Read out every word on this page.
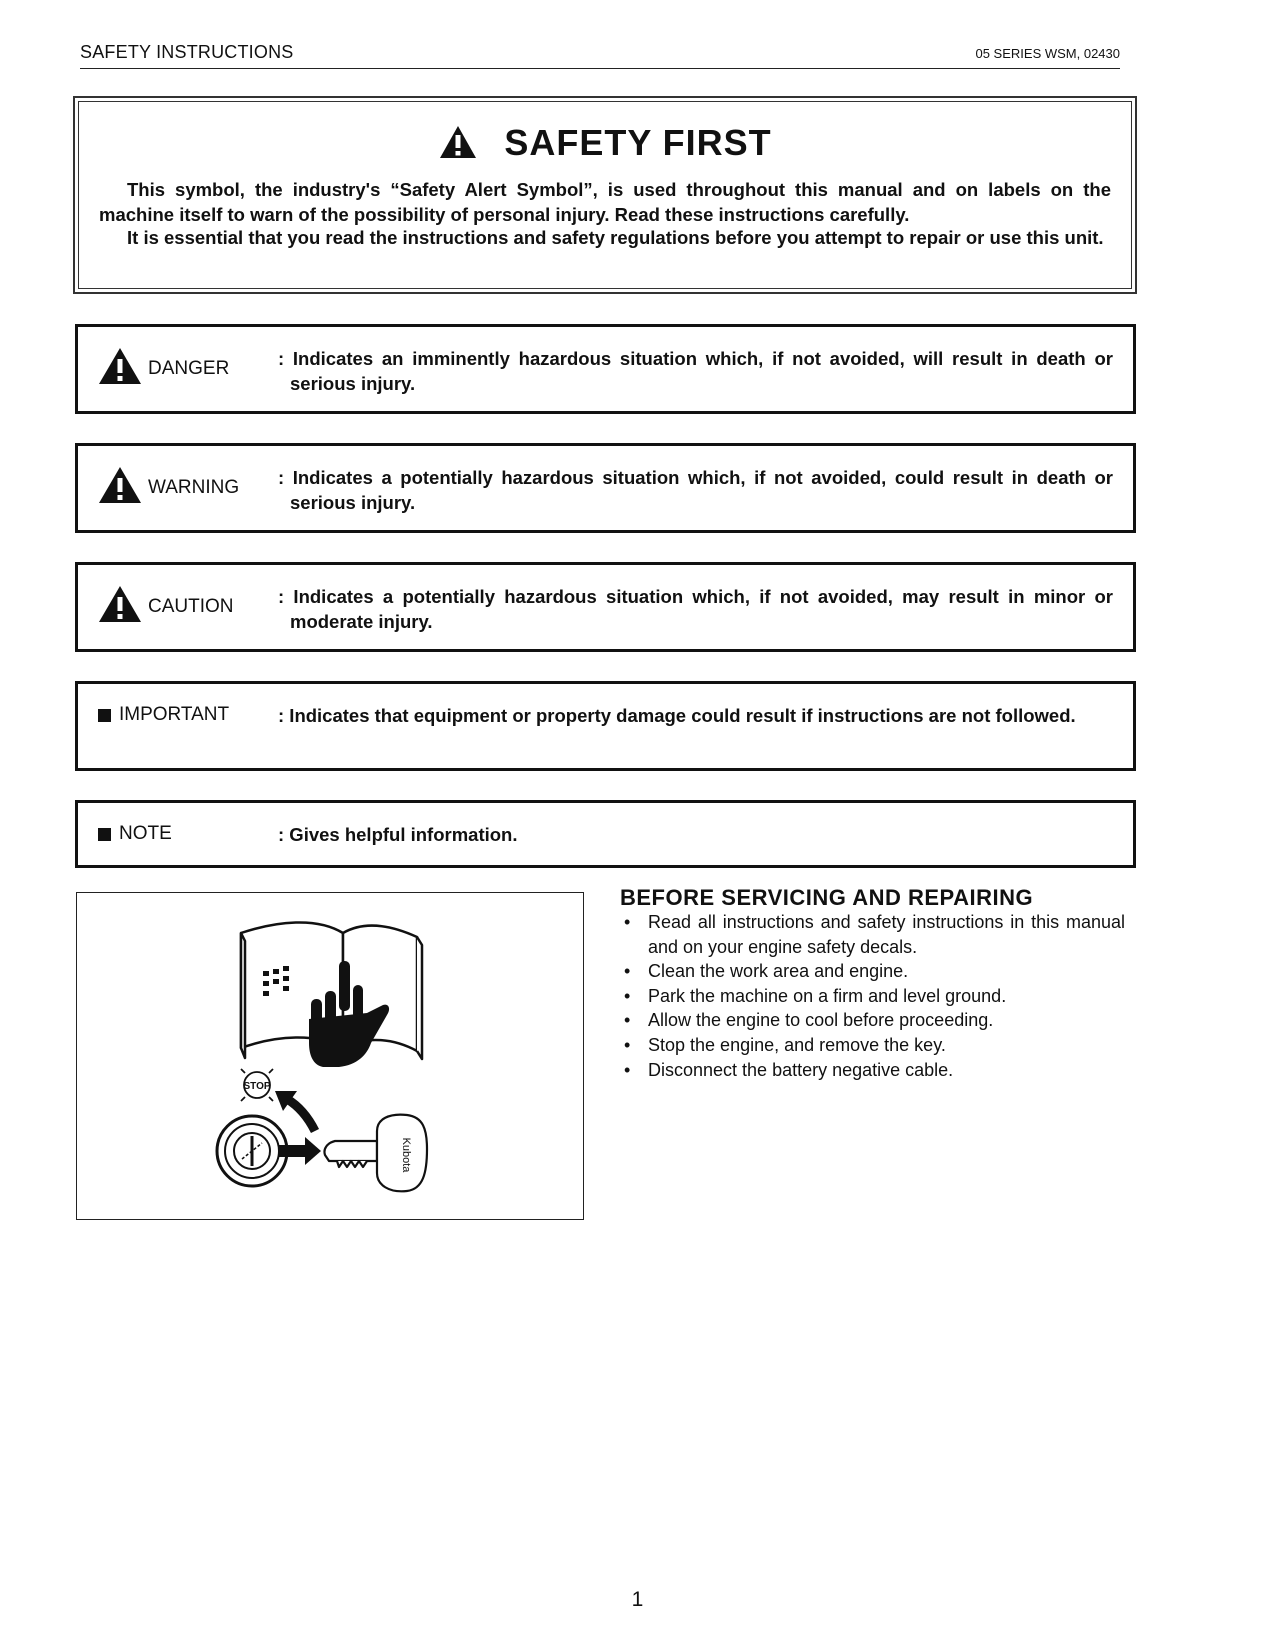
SAFETY INSTRUCTIONS	05 SERIES WSM, 02430
SAFETY FIRST
This symbol, the industry's “Safety Alert Symbol”, is used throughout this manual and on labels on the machine itself to warn of the possibility of personal injury. Read these instructions carefully.
It is essential that you read the instructions and safety regulations before you attempt to repair or use this unit.
DANGER	: Indicates an imminently hazardous situation which, if not avoided, will result in death or serious injury.
WARNING : Indicates a potentially hazardous situation which, if not avoided, could result in death or serious injury.
CAUTION : Indicates a potentially hazardous situation which, if not avoided, may result in minor or moderate injury.
IMPORTANT	: Indicates that equipment or property damage could result if instructions are not followed.
NOTE	: Gives helpful information.
STOP
Kubota
BEFORE SERVICING AND REPAIRING
• Read all instructions and safety instructions in this manual and on your engine safety decals.
• Clean the work area and engine.
• Park the machine on a firm and level ground.
• Allow the engine to cool before proceeding.
• Stop the engine, and remove the key.
• Disconnect the battery negative cable.
1
